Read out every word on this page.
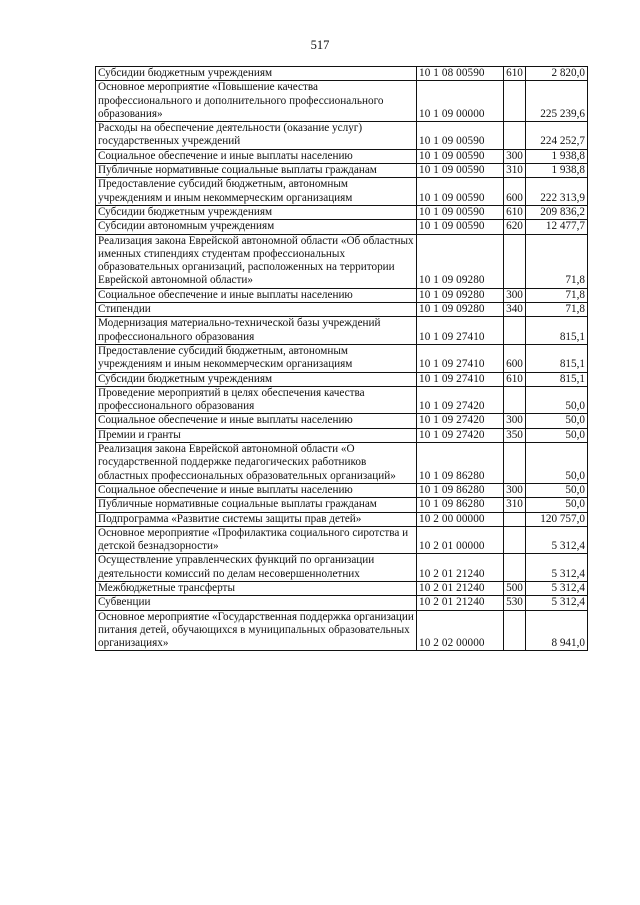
517
Субсидии бюджетным учреждениям	10 1 08 00590	610	2 820,0
Основное мероприятие «Повышение качества профессионального и дополнительного профессионального образования»	10 1 09 00000		225 239,6
Расходы на обеспечение деятельности (оказание услуг) государственных учреждений	10 1 09 00590		224 252,7
Социальное обеспечение и иные выплаты населению	10 1 09 00590	300	1 938,8
Публичные нормативные социальные выплаты гражданам	10 1 09 00590	310	1 938,8
Предоставление субсидий бюджетным, автономным учреждениям и иным некоммерческим организациям	10 1 09 00590	600	222 313,9
Субсидии бюджетным учреждениям	10 1 09 00590	610	209 836,2
Субсидии автономным учреждениям	10 1 09 00590	620	12 477,7
Реализация закона Еврейской автономной области «Об областных именных стипендиях студентам профессиональных образовательных организаций, расположенных на территории Еврейской автономной области»	10 1 09 09280		71,8
Социальное обеспечение и иные выплаты населению	10 1 09 09280	300	71,8
Стипендии	10 1 09 09280	340	71,8
Модернизация материально-технической базы учреждений профессионального образования	10 1 09 27410		815,1
Предоставление субсидий бюджетным, автономным учреждениям и иным некоммерческим организациям	10 1 09 27410	600	815,1
Субсидии бюджетным учреждениям	10 1 09 27410	610	815,1
Проведение мероприятий в целях обеспечения качества профессионального образования	10 1 09 27420		50,0
Социальное обеспечение и иные выплаты населению	10 1 09 27420	300	50,0
Премии и гранты	10 1 09 27420	350	50,0
Реализация закона Еврейской автономной области «О государственной поддержке педагогических работников областных профессиональных образовательных организаций»	10 1 09 86280		50,0
Социальное обеспечение и иные выплаты населению	10 1 09 86280	300	50,0
Публичные нормативные социальные выплаты гражданам	10 1 09 86280	310	50,0
Подпрограмма «Развитие системы защиты прав детей»	10 2 00 00000		120 757,0
Основное мероприятие «Профилактика социального сиротства и детской безнадзорности»	10 2 01 00000		5 312,4
Осуществление управленческих функций по организации деятельности комиссий по делам несовершеннолетних	10 2 01 21240		5 312,4
Межбюджетные трансферты	10 2 01 21240	500	5 312,4
Субвенции	10 2 01 21240	530	5 312,4
Основное мероприятие «Государственная поддержка организации питания детей, обучающихся в муниципальных образовательных организациях»	10 2 02 00000		8 941,0
